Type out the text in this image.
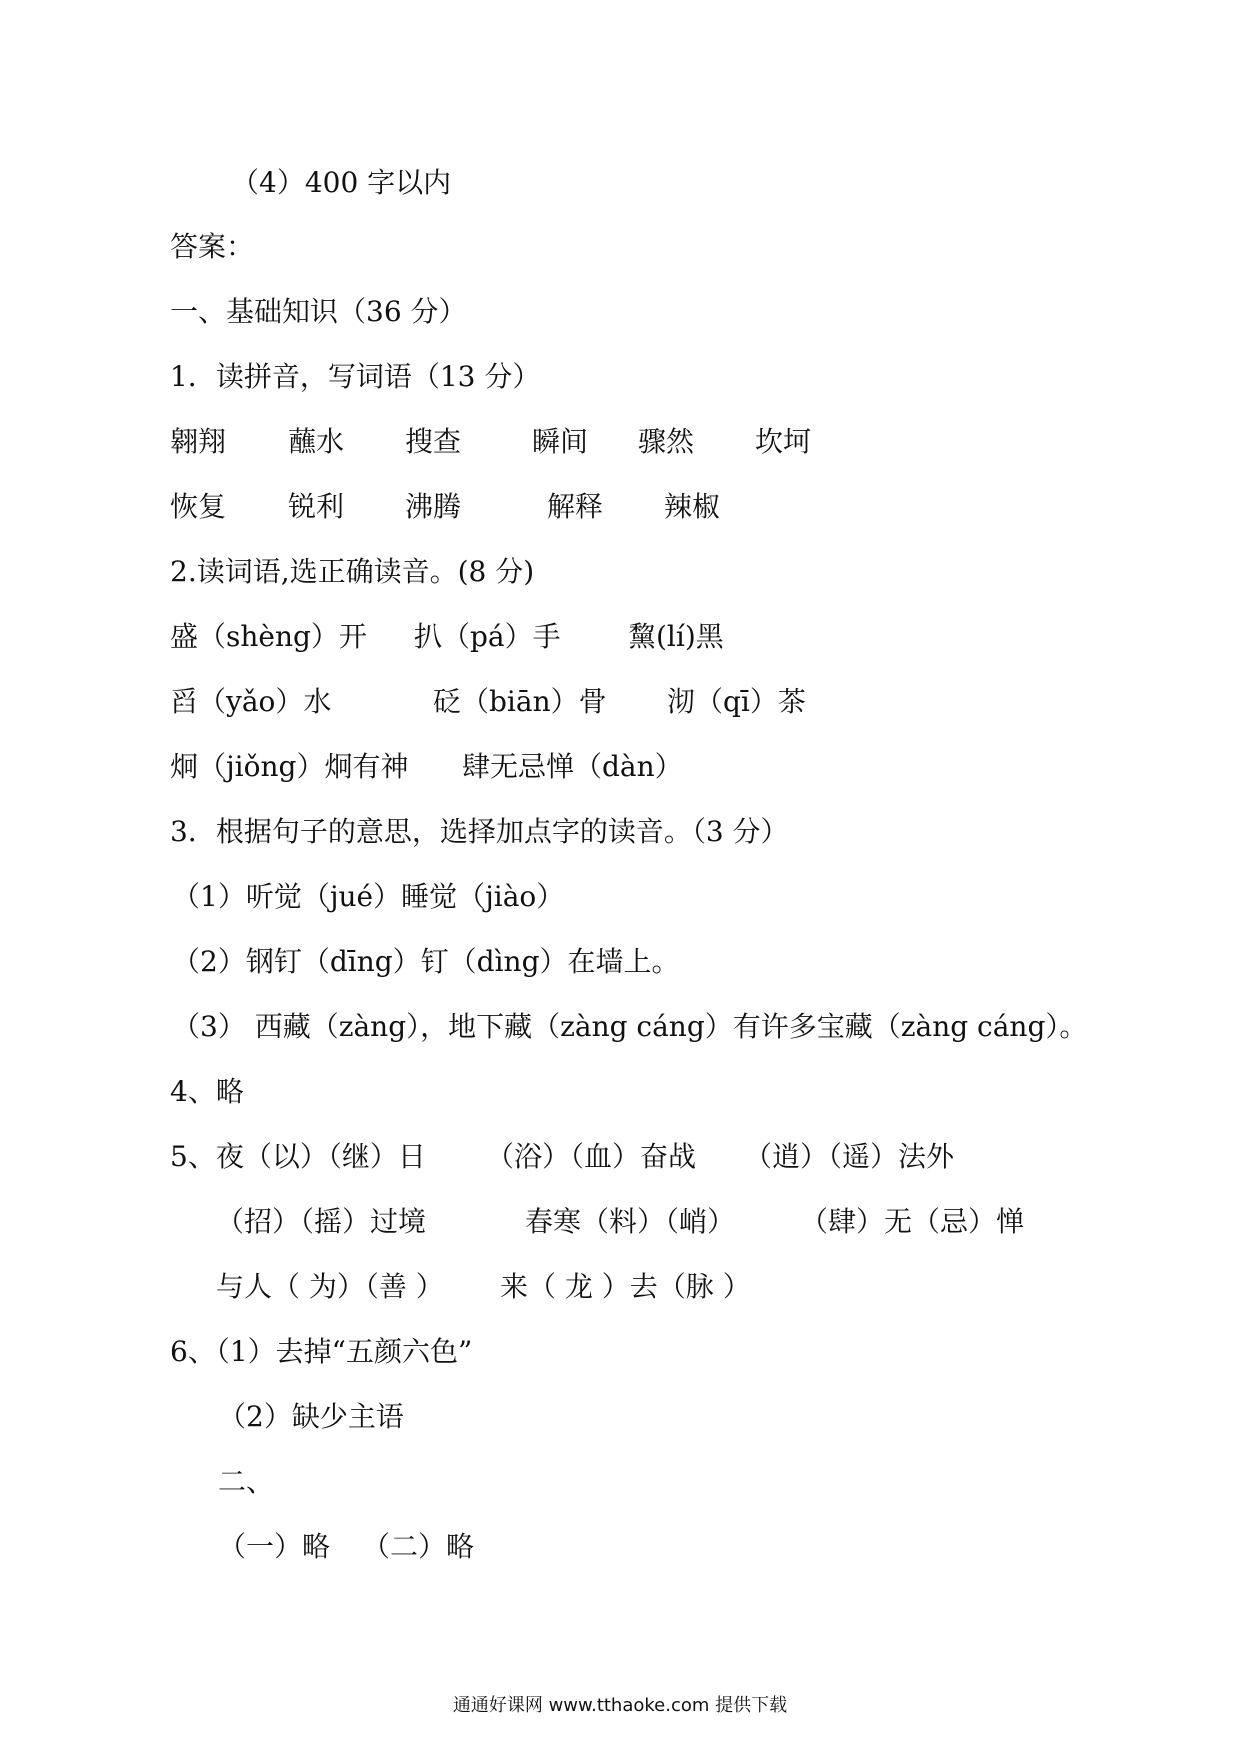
（4）400 字以内
答案：
一、基础知识（36 分）
1．读拼音，写词语（13 分）
翱翔 蘸水 搜查	瞬间 骤然 坎坷
恢复 锐利 沸腾	解释 辣椒
2.读词语,选正确读音。(8 分)
盛（shèng）开 扒（pá）手 黧(lí)黑
舀（yǎo）水	砭（biān）骨 沏（qī）茶
炯（jiǒng）炯有神 肆无忌惮（dàn）
3．根据句子的意思，选择加点字的读音。（3 分）
（1）听觉（jué）睡觉（jiào）
（2）钢钉（dīng）钉（dìng）在墙上。
（3） 西藏（zàng），地下藏（zàng cáng）有许多宝藏（zàng cáng）。
4、略
5、夜（以）（继）日 （浴）（血）奋战 （逍）（遥）法外
（招）（摇）过境	春寒（料）（峭） （肆）无（忌）惮
与人（ 为）（善 ） 来（ 龙 ）去（脉 ）
6、（1）去掉“五颜六色”
（2）缺少主语
二、
（一）略 （二）略
通通好课网 www.tthaoke.com 提供下载
